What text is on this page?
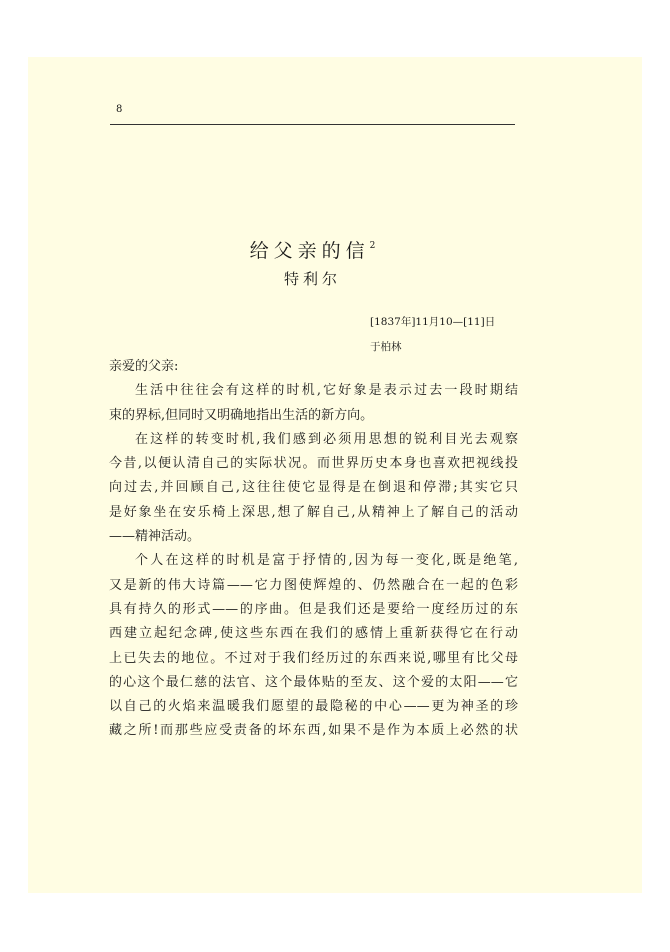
8
给父亲的信$^2$
特利尔
[1837年]11月10—[11]日
于柏林
亲爱的父亲:
生活中往往会有这样的时机,它好象是表示过去一段时期结
束的界标,但同时又明确地指出生活的新方向。
在这样的转变时机,我们感到必须用思想的锐利目光去观察
今昔,以便认清自己的实际状况。而世界历史本身也喜欢把视线投
向过去,并回顾自己,这往往使它显得是在倒退和停滞;其实它只
是好象坐在安乐椅上深思,想了解自己,从精神上了解自己的活动
——精神活动。
个人在这样的时机是富于抒情的,因为每一变化,既是绝笔,
又是新的伟大诗篇——它力图使辉煌的、仍然融合在一起的色彩
具有持久的形式——的序曲。但是我们还是要给一度经历过的东
西建立起纪念碑,使这些东西在我们的感情上重新获得它在行动
上已失去的地位。不过对于我们经历过的东西来说,哪里有比父母
的心这个最仁慈的法官、这个最体贴的至友、这个爱的太阳——它
以自己的火焰来温暖我们愿望的最隐秘的中心——更为神圣的珍
藏之所!而那些应受责备的坏东西,如果不是作为本质上必然的状
